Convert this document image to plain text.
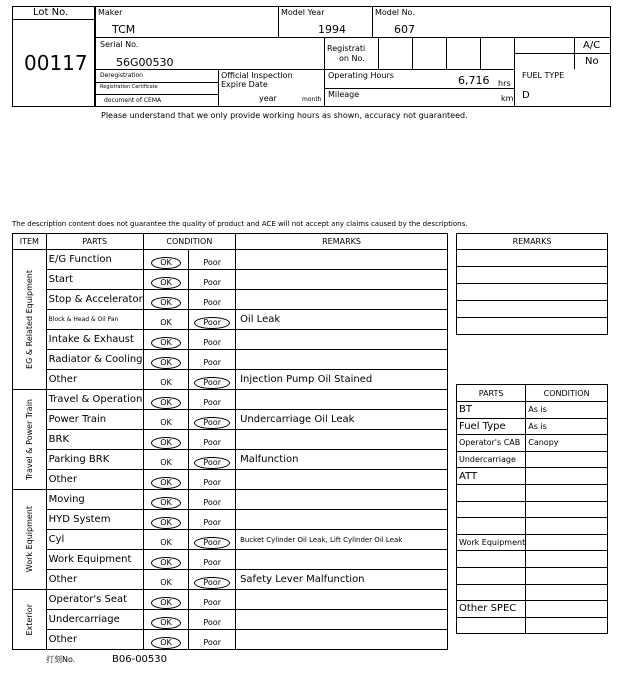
Lot No.
00117
Maker
TCM
Model Year
1994
Model No.
607
Serial No.
56G00530
Registrati
on No.
A/C
No
Deregistration
Registration Certificate
document of CEMA
Official Inspection
Expire Date
year	month
Operating Hours	6,716 hrs
Mileage	km
FUEL TYPE
D
Please understand that we only provide working hours as shown, accuracy not guaranteed.
The description content does not guarantee the quality of product and ACE will not accept any claims caused by the descriptions.
ITEM	PARTS	CONDITION		REMARKS

EG & Related Equipment	E/G Function	OK	Poor	
	Start	OK	Poor	
	Stop & Accelerator	OK	Poor	
	Block & Head & Oil Pan	OK	Poor	Oil Leak
	Intake & Exhaust	OK	Poor	
	Radiator & Cooling	OK	Poor	
	Other	OK	Poor	Injection Pump Oil Stained

Travel & Power Train	Travel & Operation	OK	Poor	
	Power Train	OK	Poor	Undercarriage Oil Leak
	BRK	OK	Poor	
	Parking BRK	OK	Poor	Malfunction
	Other	OK	Poor	

Work Equipment	Moving	OK	Poor	
	HYD System	OK	Poor	
	Cyl	OK	Poor	Bucket Cylinder Oil Leak, Lift Cylinder Oil Leak
	Work Equipment	OK	Poor	
	Other	OK	Poor	Safety Lever Malfunction

Exterior	Operator's Seat	OK	Poor	
	Undercarriage	OK	Poor	
	Other	OK	Poor	
REMARKS

PARTS	CONDITION
BT	As is
Fuel Type	As is
Operator's CAB	Canopy
Undercarriage	
ATT	

Work Equipment	

Other SPEC	

打刻No.	B06-00530
